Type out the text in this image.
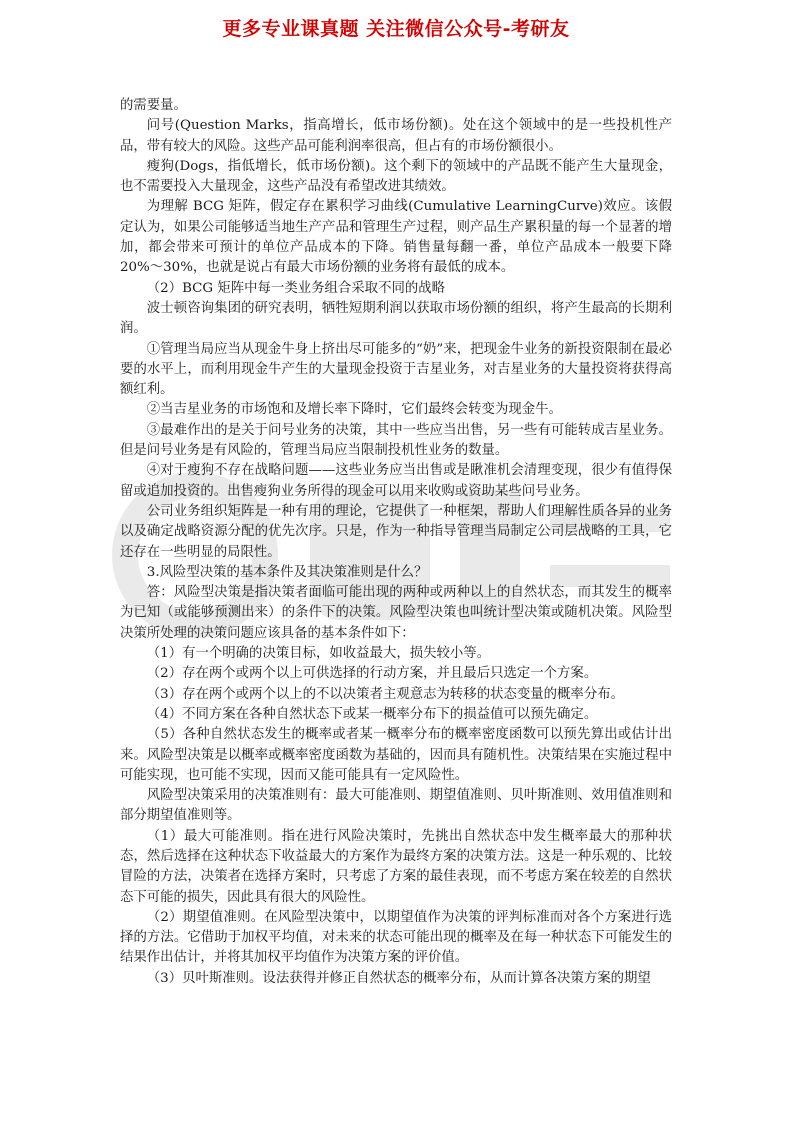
更多专业课真题 关注微信公众号-考研友

的需要量。

问号(Question Marks，指高增长，低市场份额)。处在这个领域中的是一些投机性产品，带有较大的风险。这些产品可能利润率很高，但占有的市场份额很小。

瘦狗(Dogs，指低增长，低市场份额)。这个剩下的领域中的产品既不能产生大量现金，也不需要投入大量现金，这些产品没有希望改进其绩效。

为理解 BCG 矩阵，假定存在累积学习曲线(Cumulative LearningCurve)效应。该假定认为，如果公司能够适当地生产产品和管理生产过程，则产品生产累积量的每一个显著的增加，都会带来可预计的单位产品成本的下降。销售量每翻一番，单位产品成本一般要下降 20%～30%，也就是说占有最大市场份额的业务将有最低的成本。

（2）BCG 矩阵中每一类业务组合采取不同的战略

波士顿咨询集团的研究表明，牺牲短期利润以获取市场份额的组织，将产生最高的长期利润。

①管理当局应当从现金牛身上挤出尽可能多的“奶”来，把现金牛业务的新投资限制在最必要的水平上，而利用现金牛产生的大量现金投资于吉星业务，对吉星业务的大量投资将获得高额红利。

②当吉星业务的市场饱和及增长率下降时，它们最终会转变为现金牛。

③最难作出的是关于问号业务的决策，其中一些应当出售，另一些有可能转成吉星业务。但是问号业务是有风险的，管理当局应当限制投机性业务的数量。

④对于瘦狗不存在战略问题——这些业务应当出售或是瞅准机会清理变现，很少有值得保留或追加投资的。出售瘦狗业务所得的现金可以用来收购或资助某些问号业务。

公司业务组织矩阵是一种有用的理论，它提供了一种框架，帮助人们理解性质各异的业务以及确定战略资源分配的优先次序。只是，作为一种指导管理当局制定公司层战略的工具，它还存在一些明显的局限性。

3.风险型决策的基本条件及其决策准则是什么？

答：风险型决策是指决策者面临可能出现的两种或两种以上的自然状态，而其发生的概率为已知（或能够预测出来）的条件下的决策。风险型决策也叫统计型决策或随机决策。风险型决策所处理的决策问题应该具备的基本条件如下：

（1）有一个明确的决策目标，如收益最大，损失较小等。

（2）存在两个或两个以上可供选择的行动方案，并且最后只选定一个方案。

（3）存在两个或两个以上的不以决策者主观意志为转移的状态变量的概率分布。

（4）不同方案在各种自然状态下或某一概率分布下的损益值可以预先确定。

（5）各种自然状态发生的概率或者某一概率分布的概率密度函数可以预先算出或估计出来。风险型决策是以概率或概率密度函数为基础的，因而具有随机性。决策结果在实施过程中可能实现，也可能不实现，因而又能可能具有一定风险性。

风险型决策采用的决策准则有：最大可能准则、期望值准则、贝叶斯准则、效用值准则和部分期望值准则等。

（1）最大可能准则。指在进行风险决策时，先挑出自然状态中发生概率最大的那种状态，然后选择在这种状态下收益最大的方案作为最终方案的决策方法。这是一种乐观的、比较冒险的方法，决策者在选择方案时，只考虑了方案的最佳表现，而不考虑方案在较差的自然状态下可能的损失，因此具有很大的风险性。

（2）期望值准则。在风险型决策中，以期望值作为决策的评判标准而对各个方案进行选择的方法。它借助于加权平均值，对未来的状态可能出现的概率及在每一种状态下可能发生的结果作出估计，并将其加权平均值作为决策方案的评价值。

（3）贝叶斯准则。设法获得并修正自然状态的概率分布，从而计算各决策方案的期望
